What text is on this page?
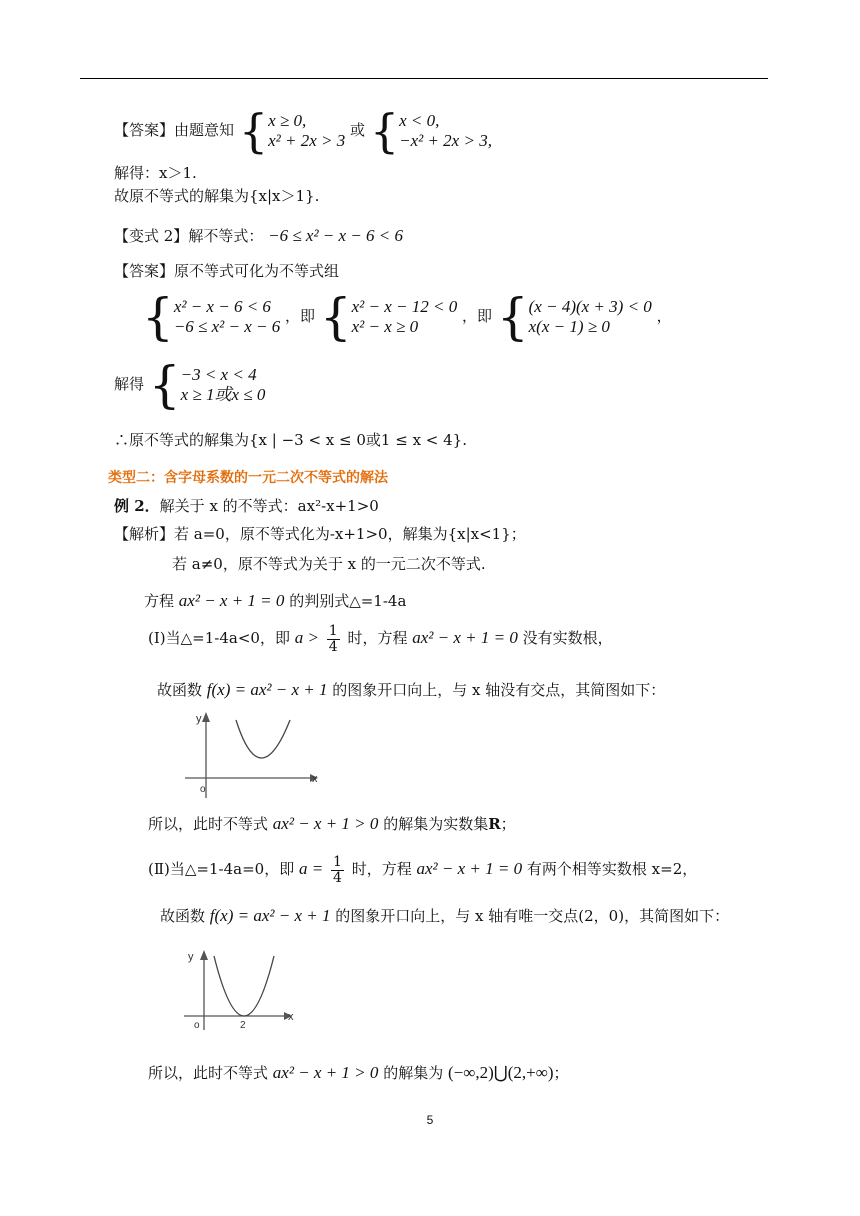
【答案】由题意知 { x ≥ 0,
x² + 2x > 3
或 { x < 0,
−x² + 2x > 3,
解得：x＞1.
故原不等式的解集为{x|x＞1}.
【变式 2】解不等式： −6 ≤ x² − x − 6 < 6
【答案】原不等式可化为不等式组
{ x² − x − 6 < 6
−6 ≤ x² − x − 6
，即 { x² − x − 12 < 0
x² − x ≥ 0
，即 { (x − 4)(x + 3) < 0
x(x − 1) ≥ 0
，
解得 { −3 < x < 4
x ≥ 1或x ≤ 0
∴原不等式的解集为{x | −3 < x ≤ 0或1 ≤ x < 4}.
类型二：含字母系数的一元二次不等式的解法
例 2．解关于 x 的不等式：ax²-x+1>0
【解析】若 a=0，原不等式化为-x+1>0，解集为{x|x<1}；
若 a≠0，原不等式为关于 x 的一元二次不等式.
方程 ax² − x + 1 = 0 的判别式△=1-4a
(Ⅰ)当△=1-4a<0，即 $a > \frac{1}{4}$ 时，方程 ax² − x + 1 = 0 没有实数根，
故函数 f(x) = ax² − x + 1 的图象开口向上，与 x 轴没有交点，其简图如下：
x
y
o
所以，此时不等式 ax² − x + 1 > 0 的解集为实数集R；
(Ⅱ)当△=1-4a=0，即 $a = \frac{1}{4}$ 时，方程 ax² − x + 1 = 0 有两个相等实数根 x=2，
故函数 f(x) = ax² − x + 1 的图象开口向上，与 x 轴有唯一交点(2，0)，其简图如下：
x
y
o	2
所以，此时不等式 ax² − x + 1 > 0 的解集为 (−∞,2)⋃(2,+∞)；
5
